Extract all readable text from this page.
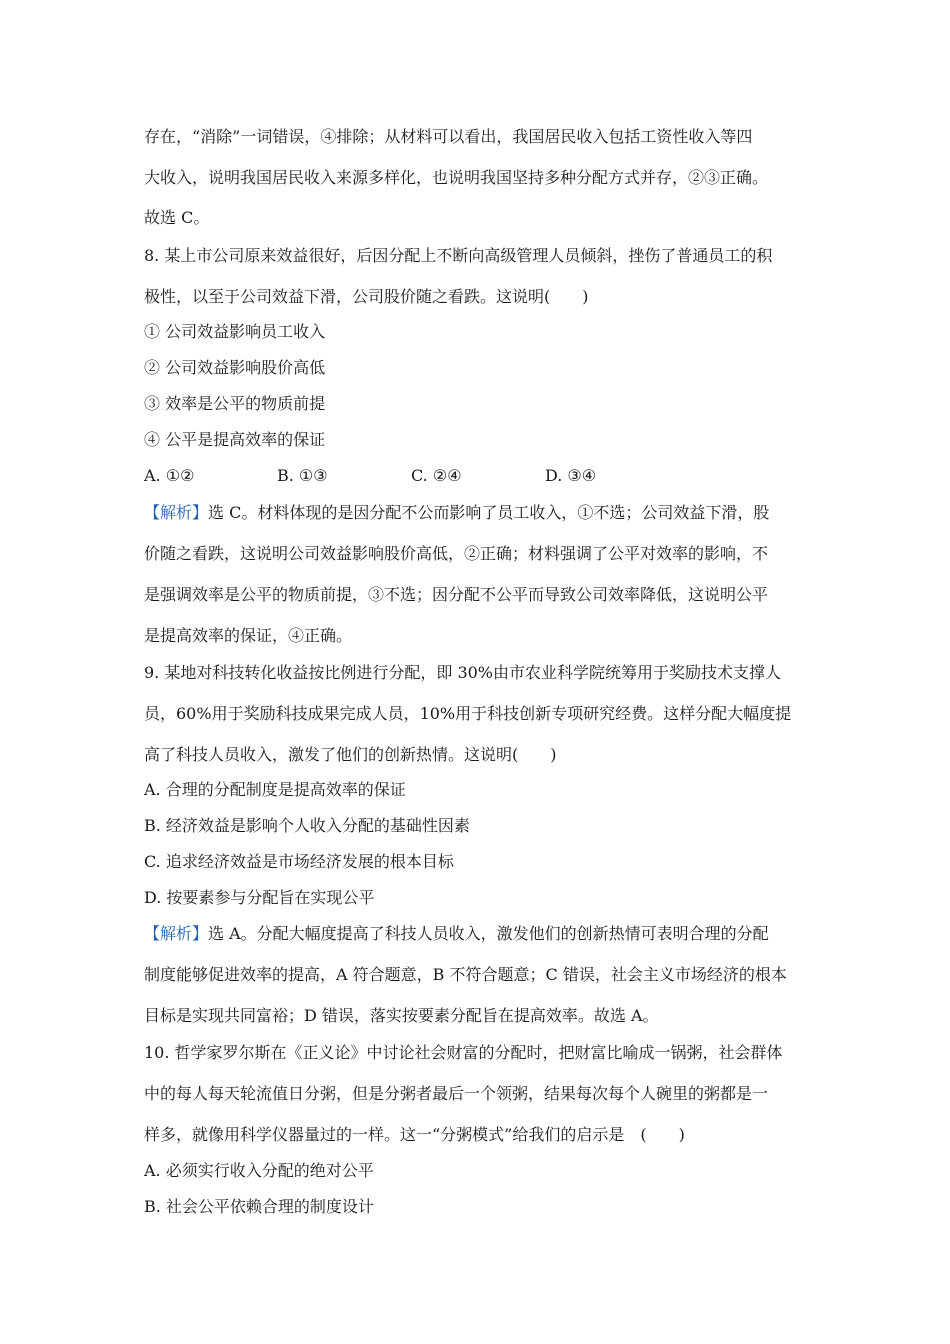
存在，“消除”一词错误，④排除；从材料可以看出，我国居民收入包括工资性收入等四
大收入，说明我国居民收入来源多样化，也说明我国坚持多种分配方式并存，②③正确。
故选 C。
8. 某上市公司原来效益很好，后因分配上不断向高级管理人员倾斜，挫伤了普通员工的积
极性，以至于公司效益下滑，公司股价随之看跌。这说明(　　)
① 公司效益影响员工收入
② 公司效益影响股价高低
③ 效率是公平的物质前提
④ 公平是提高效率的保证
A. ①②	B. ①③	C. ②④	D. ③④
【解析】选 C。材料体现的是因分配不公而影响了员工收入，①不选；公司效益下滑，股
价随之看跌，这说明公司效益影响股价高低，②正确；材料强调了公平对效率的影响，不
是强调效率是公平的物质前提，③不选；因分配不公平而导致公司效率降低，这说明公平
是提高效率的保证，④正确。
9. 某地对科技转化收益按比例进行分配，即 30%由市农业科学院统筹用于奖励技术支撑人
员，60%用于奖励科技成果完成人员，10%用于科技创新专项研究经费。这样分配大幅度提
高了科技人员收入，激发了他们的创新热情。这说明(　　)
A. 合理的分配制度是提高效率的保证
B. 经济效益是影响个人收入分配的基础性因素
C. 追求经济效益是市场经济发展的根本目标
D. 按要素参与分配旨在实现公平
【解析】选 A。分配大幅度提高了科技人员收入，激发他们的创新热情可表明合理的分配
制度能够促进效率的提高，A 符合题意，B 不符合题意；C 错误，社会主义市场经济的根本
目标是实现共同富裕；D 错误，落实按要素分配旨在提高效率。故选 A。
10. 哲学家罗尔斯在《正义论》中讨论社会财富的分配时，把财富比喻成一锅粥，社会群体
中的每人每天轮流值日分粥，但是分粥者最后一个领粥，结果每次每个人碗里的粥都是一
样多，就像用科学仪器量过的一样。这一“分粥模式”给我们的启示是　(　　)
A. 必须实行收入分配的绝对公平
B. 社会公平依赖合理的制度设计
